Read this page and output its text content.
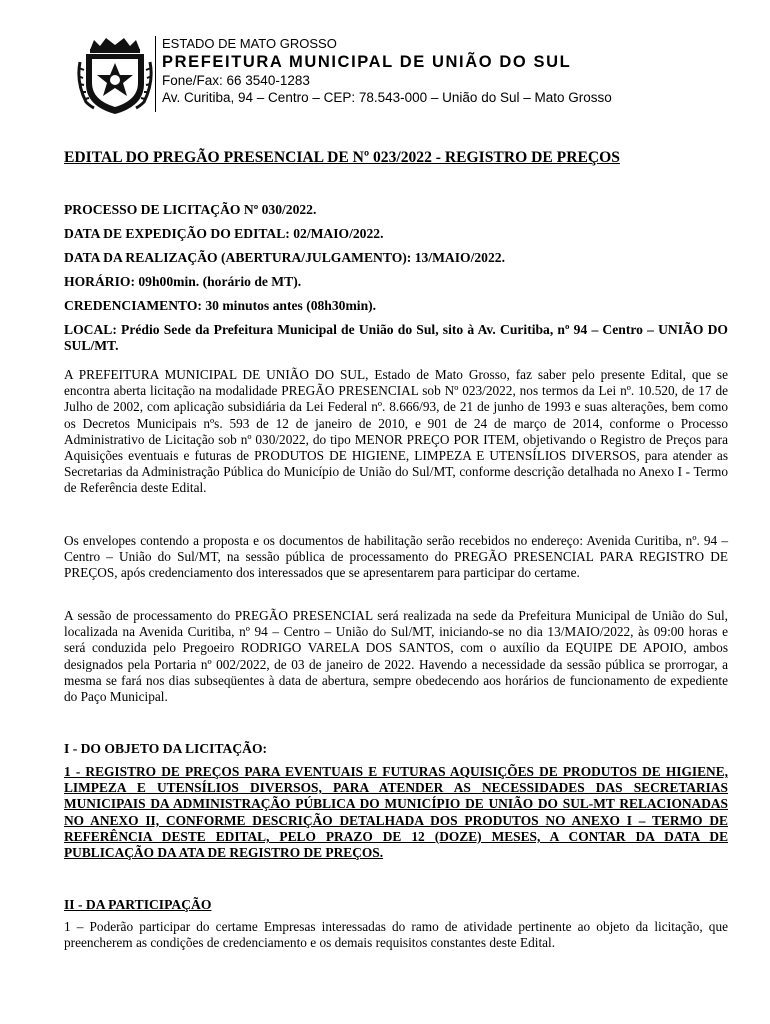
ESTADO DE MATO GROSSO
PREFEITURA MUNICIPAL DE UNIÃO DO SUL
Fone/Fax: 66 3540-1283
Av. Curitiba, 94 – Centro – CEP: 78.543-000 – União do Sul – Mato Grosso
EDITAL DO PREGÃO PRESENCIAL DE Nº 023/2022 - REGISTRO DE PREÇOS

PROCESSO DE LICITAÇÃO Nº 030/2022.

DATA DE EXPEDIÇÃO DO EDITAL: 02/MAIO/2022.

DATA DA REALIZAÇÃO (ABERTURA/JULGAMENTO): 13/MAIO/2022.

HORÁRIO: 09h00min. (horário de MT).

CREDENCIAMENTO: 30 minutos antes (08h30min).

LOCAL: Prédio Sede da Prefeitura Municipal de União do Sul, sito à Av. Curitiba, nº 94 – Centro – UNIÃO DO SUL/MT.

A PREFEITURA MUNICIPAL DE UNIÃO DO SUL, Estado de Mato Grosso, faz saber pelo presente Edital, que se encontra aberta licitação na modalidade PREGÃO PRESENCIAL sob Nº 023/2022, nos termos da Lei nº. 10.520, de 17 de Julho de 2002, com aplicação subsidiária da Lei Federal nº. 8.666/93, de 21 de junho de 1993 e suas alterações, bem como os Decretos Municipais nºs. 593 de 12 de janeiro de 2010, e 901 de 24 de março de 2014, conforme o Processo Administrativo de Licitação sob nº 030/2022, do tipo MENOR PREÇO POR ITEM, objetivando o Registro de Preços para Aquisições eventuais e futuras de PRODUTOS DE HIGIENE, LIMPEZA E UTENSÍLIOS DIVERSOS, para atender as Secretarias da Administração Pública do Município de União do Sul/MT, conforme descrição detalhada no Anexo I - Termo de Referência deste Edital.

Os envelopes contendo a proposta e os documentos de habilitação serão recebidos no endereço: Avenida Curitiba, nº. 94 – Centro – União do Sul/MT, na sessão pública de processamento do PREGÃO PRESENCIAL PARA REGISTRO DE PREÇOS, após credenciamento dos interessados que se apresentarem para participar do certame.

A sessão de processamento do PREGÃO PRESENCIAL será realizada na sede da Prefeitura Municipal de União do Sul, localizada na Avenida Curitiba, nº 94 – Centro – União do Sul/MT, iniciando-se no dia 13/MAIO/2022, às 09:00 horas e será conduzida pelo Pregoeiro RODRIGO VARELA DOS SANTOS, com o auxílio da EQUIPE DE APOIO, ambos designados pela Portaria nº 002/2022, de 03 de janeiro de 2022. Havendo a necessidade da sessão pública se prorrogar, a mesma se fará nos dias subseqüentes à data de abertura, sempre obedecendo aos horários de funcionamento de expediente do Paço Municipal.

I - DO OBJETO DA LICITAÇÃO:

1 - REGISTRO DE PREÇOS PARA EVENTUAIS E FUTURAS AQUISIÇÕES DE PRODUTOS DE HIGIENE, LIMPEZA E UTENSÍLIOS DIVERSOS, PARA ATENDER AS NECESSIDADES DAS SECRETARIAS MUNICIPAIS DA ADMINISTRAÇÃO PÚBLICA DO MUNICÍPIO DE UNIÃO DO SUL-MT RELACIONADAS NO ANEXO II, CONFORME DESCRIÇÃO DETALHADA DOS PRODUTOS NO ANEXO I – TERMO DE REFERÊNCIA DESTE EDITAL, PELO PRAZO DE 12 (DOZE) MESES, A CONTAR DA DATA DE PUBLICAÇÃO DA ATA DE REGISTRO DE PREÇOS.

II - DA PARTICIPAÇÃO

1 – Poderão participar do certame Empresas interessadas do ramo de atividade pertinente ao objeto da licitação, que preencherem as condições de credenciamento e os demais requisitos constantes deste Edital.
